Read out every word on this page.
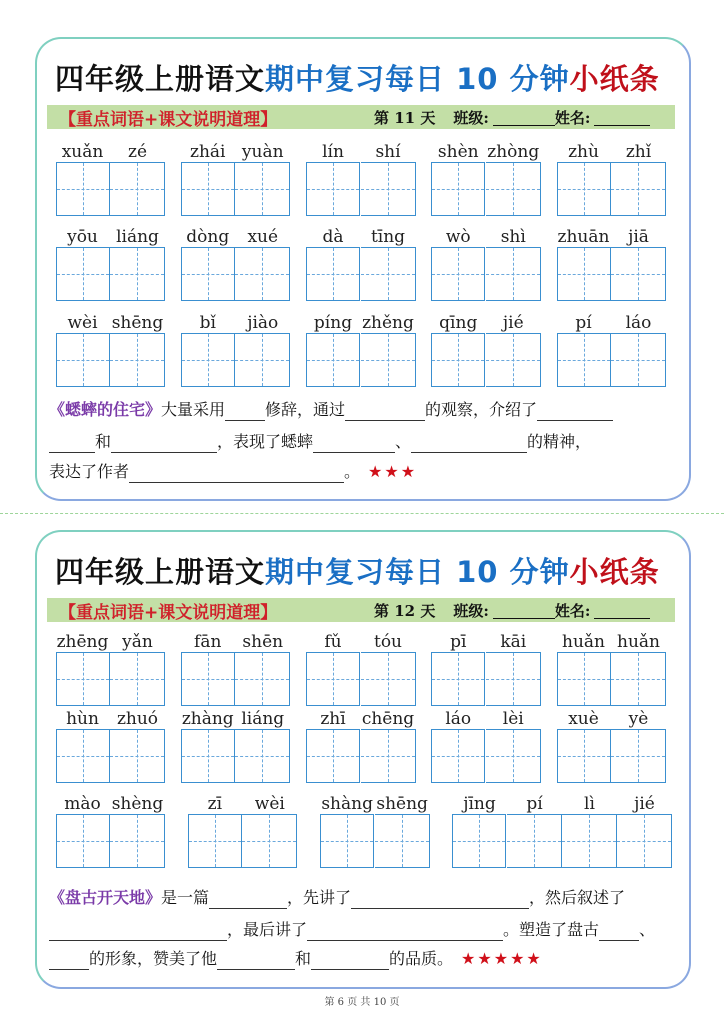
四年级上册语文期中复习每日 10 分钟小纸条
【重点词语+课文说明道理】	第 11 天 班级:	姓名:
xuǎn zé	zhái yuàn lín shí shèn zhòng zhù zhǐ
yōu liáng dòng xué	dà tīng wò shì zhuān jiā
wèi shēng bǐ jiào píng zhěng qīng jié	pí láo
《蟋蟀的住宅》大量采用	修辞，通过	的观察，介绍了
和	，表现了蟋蟀	、	的精神，
表达了作者	。 ★★★
四年级上册语文期中复习每日 10 分钟小纸条
【重点词语+课文说明道理】	第 12 天 班级:	姓名:
zhēng yǎn fān shēn fǔ tóu	pī kāi huǎn huǎn
hùn zhuó zhàng liáng zhī chēng láo lèi	xuè yè
mào shèng	zī wèi shàng shēng jīng pí lì jié
《盘古开天地》是一篇	，先讲了	，然后叙述了
，最后讲了	。塑造了盘古	、
的形象，赞美了他	和	的品质。 ★★★★★
第 6 页 共 10 页
